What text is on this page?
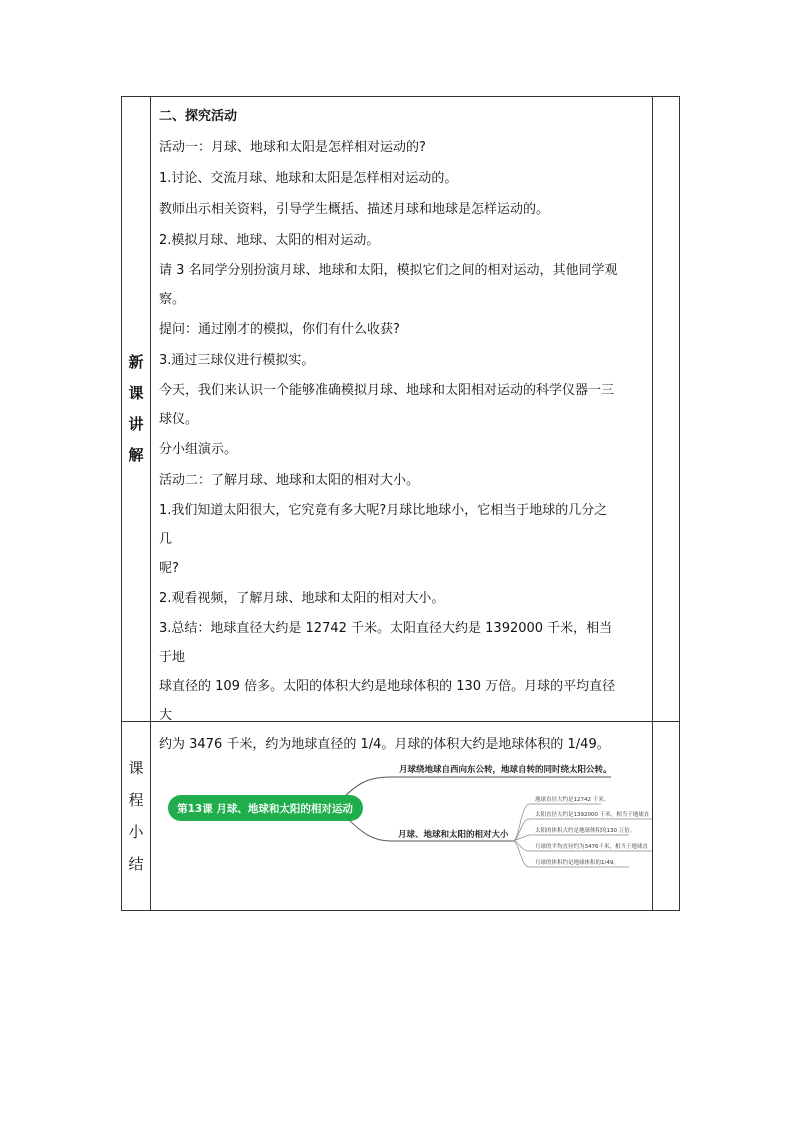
新
课
讲
解

二、探究活动

活动一：月球、地球和太阳是怎样相对运动的?

1.讨论、交流月球、地球和太阳是怎样相对运动的。

教师出示相关资料，引导学生概括、描述月球和地球是怎样运动的。

2.模拟月球、地球、太阳的相对运动。

请 3 名同学分别扮演月球、地球和太阳，模拟它们之间的相对运动，其他同学观

察。

提问：通过刚才的模拟，你们有什么收获?

3.通过三球仪进行模拟实。

今天，我们来认识一个能够准确模拟月球、地球和太阳相对运动的科学仪器一三

球仪。

分小组演示。

活动二：了解月球、地球和太阳的相对大小。

1.我们知道太阳很大，它究竟有多大呢?月球比地球小，它相当于地球的几分之几

呢?

2.观看视频，了解月球、地球和太阳的相对大小。

3.总结：地球直径大约是 12742 千米。太阳直径大约是 1392000 千米，相当于地

球直径的 109 倍多。太阳的体积大约是地球体积的 130 万倍。月球的平均直径大

约为 3476 千米，约为地球直径的 1/4。月球的体积大约是地球体积的 1/49。

课
程
小
结
第13课 月球、地球和太阳的相对运动
月球绕地球自西向东公转，地球自转的同时绕太阳公转。
月球、地球和太阳的相对大小
地球直径大约是12742 千米。
太阳直径大约是1392000 千米，相当于地球直
太阳的体积大约是地球体积的130 万倍。
月球的平均直径约为3476千米，相当于地球直
月球的体积约是地球体积的1/49。
